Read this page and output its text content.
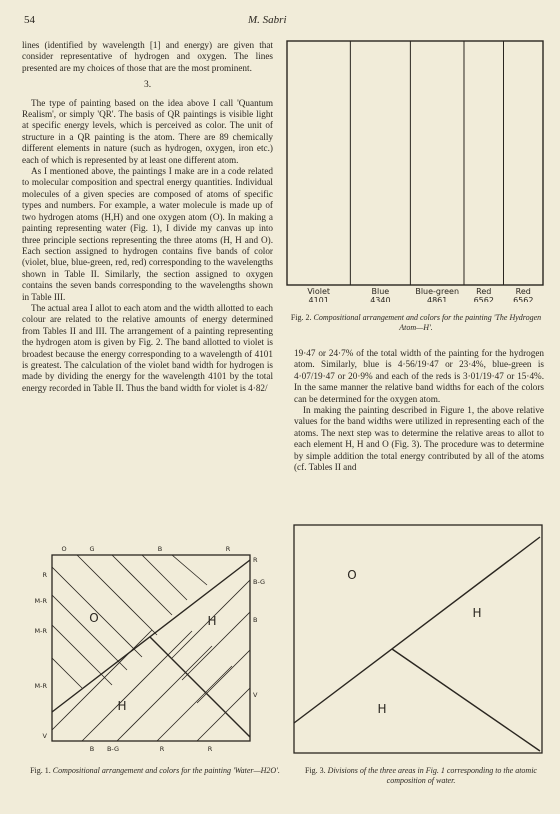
54	M. Sabri

lines (identified by wavelength [1] and energy) are given that consider representative of hydrogen and oxygen. The lines presented are my choices of those that are the most prominent.

3.

The type of painting based on the idea above I call 'Quantum Realism', or simply 'QR'. The basis of QR paintings is visible light at specific energy levels, which is perceived as color. The unit of structure in a QR painting is the atom. There are 89 chemically different elements in nature (such as hydrogen, oxygen, iron etc.) each of which is represented by at least one different atom.

As I mentioned above, the paintings I make are in a code related to molecular composition and spectral energy quantities. Individual molecules of a given species are composed of atoms of specific types and numbers. For example, a water molecule is made up of two hydrogen atoms (H,H) and one oxygen atom (O). In making a painting representing water (Fig. 1), I divide my canvas up into three principle sections representing the three atoms (H, H and O). Each section assigned to hydrogen contains five bands of color (violet, blue, blue-green, red, red) corresponding to the wavelengths shown in Table II. Similarly, the section assigned to oxygen contains the seven bands corresponding to the wavelengths shown in Table III.

The actual area I allot to each atom and the width allotted to each colour are related to the relative amounts of energy determined from Tables II and III. The arrangement of a painting representing the hydrogen atom is given by Fig. 2. The band allotted to violet is broadest because the energy corresponding to a wavelength of 4101 is greatest. The calculation of the violet band width for hydrogen is made by dividing the energy for the wavelength 4101 by the total energy recorded in Table II. Thus the band width for violet is 4·82/

Violet
4101
Blue
4340
Blue-green
4861
Red
6562
Red
6562
Fig. 2. Compositional arrangement and colors for the painting 'The Hydrogen Atom—H'.

19·47 or 24·7% of the total width of the painting for the hydrogen atom. Similarly, blue is 4·56/19·47 or 23·4%, blue-green is 4·07/19·47 or 20·9% and each of the reds is 3·01/19·47 or 15·4%. In the same manner the relative band widths for each of the colors can be determined for the oxygen atom.

In making the painting described in Figure 1, the above relative values for the band widths were utilized in representing each of the atoms. The next step was to determine the relative areas to allot to each element H, H and O (Fig. 3). The procedure was to determine by simple addition the total energy contributed by all of the atoms (cf. Tables II and

O	G	B	R
R
M-R
M-R
M-R
V
R
B-G
B
V
B B-G	R	R
O	H
H
Fig. 1. Compositional arrangement and colors for the painting 'Water—H2O'.
O
H
H
Fig. 3. Divisions of the three areas in Fig. 1 corresponding to the atomic composition of water.
